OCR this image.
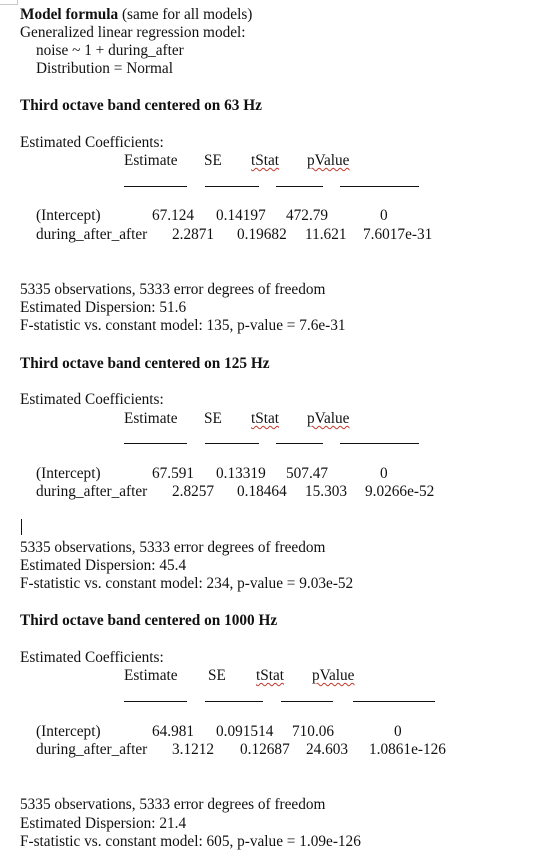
Model formula (same for all models)
Generalized linear regression model:
noise ~ 1 + during_after
Distribution = Normal
Third octave band centered on 63 Hz
Estimated Coefficients:
Estimate SE tStat pValue
(Intercept)	67.124 0.14197 472.79	0
during_after_after 2.2871 0.19682 11.621 7.6017e-31
5335 observations, 5333 error degrees of freedom
Estimated Dispersion: 51.6
F-statistic vs. constant model: 135, p-value = 7.6e-31
Third octave band centered on 125 Hz
Estimated Coefficients:
Estimate SE tStat pValue
(Intercept)	67.591 0.13319 507.47	0
during_after_after 2.8257 0.18464 15.303 9.0266e-52
5335 observations, 5333 error degrees of freedom
Estimated Dispersion: 45.4
F-statistic vs. constant model: 234, p-value = 9.03e-52
Third octave band centered on 1000 Hz
Estimated Coefficients:
Estimate SE tStat pValue
(Intercept)	64.981 0.091514 710.06	0
during_after_after 3.1212 0.12687 24.603 1.0861e-126
5335 observations, 5333 error degrees of freedom
Estimated Dispersion: 21.4
F-statistic vs. constant model: 605, p-value = 1.09e-126
